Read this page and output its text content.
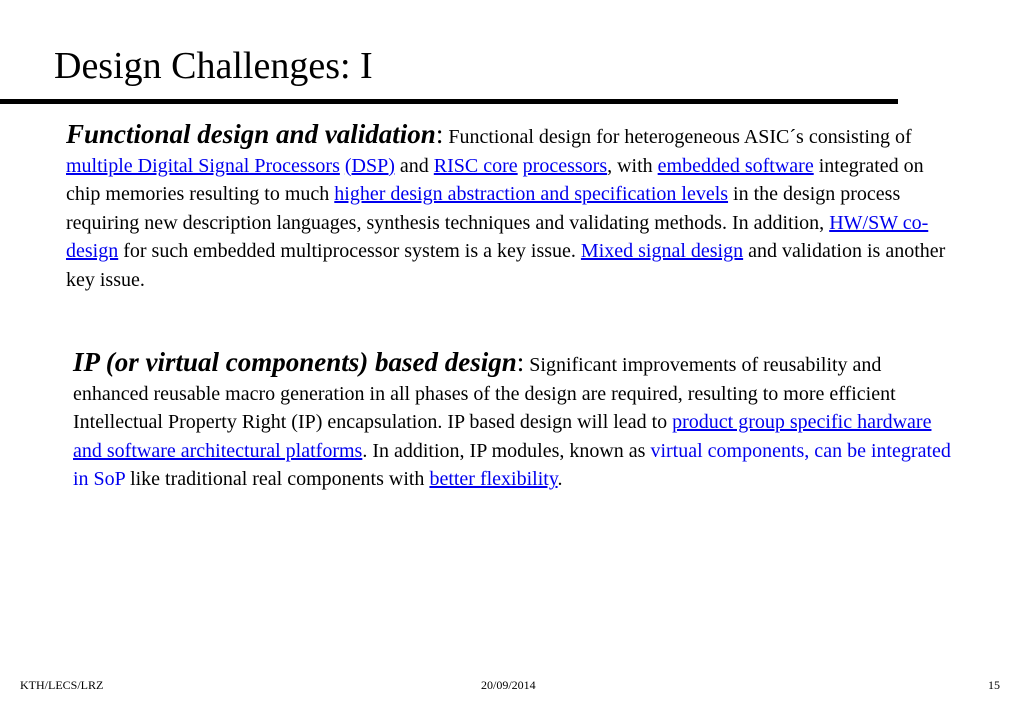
Design Challenges: I
Functional design and validation: Functional design for heterogeneous ASIC´s consisting of multiple Digital Signal Processors (DSP) and RISC core processors, with embedded software integrated on chip memories resulting to much higher design abstraction and specification levels in the design process requiring new description languages, synthesis techniques and validating methods. In addition, HW/SW co-design for such embedded multiprocessor system is a key issue. Mixed signal design and validation is another key issue.
IP (or virtual components) based design: Significant improvements of reusability and enhanced reusable macro generation in all phases of the design are required, resulting to more efficient Intellectual Property Right (IP) encapsulation. IP based design will lead to product group specific hardware and software architectural platforms. In addition, IP modules, known as virtual components, can be integrated in SoP like traditional real components with better flexibility.
KTH/LECS/LRZ	20/09/2014	15
